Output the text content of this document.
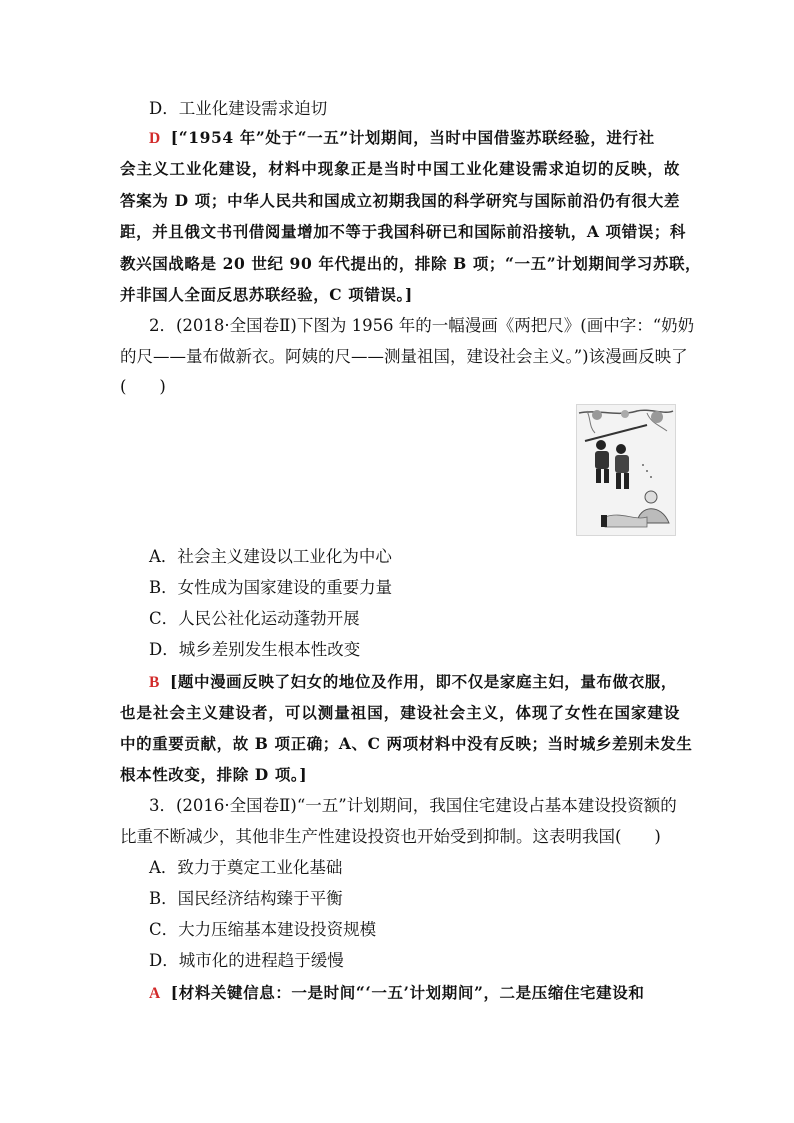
D．工业化建设需求迫切
D [“1954 年”处于“一五”计划期间，当时中国借鉴苏联经验，进行社
会主义工业化建设，材料中现象正是当时中国工业化建设需求迫切的反映，故
答案为 D 项；中华人民共和国成立初期我国的科学研究与国际前沿仍有很大差
距，并且俄文书刊借阅量增加不等于我国科研已和国际前沿接轨，A 项错误；科
教兴国战略是 20 世纪 90 年代提出的，排除 B 项；“一五”计划期间学习苏联，
并非国人全面反思苏联经验，C 项错误。]
2．(2018·全国卷Ⅱ)下图为 1956 年的一幅漫画《两把尺》(画中字：“奶奶
的尺——量布做新衣。阿姨的尺——测量祖国，建设社会主义。”)该漫画反映了
(　　)
A．社会主义建设以工业化为中心
B．女性成为国家建设的重要力量
C．人民公社化运动蓬勃开展
D．城乡差别发生根本性改变
B [题中漫画反映了妇女的地位及作用，即不仅是家庭主妇，量布做衣服，
也是社会主义建设者，可以测量祖国，建设社会主义，体现了女性在国家建设
中的重要贡献，故 B 项正确；A、C 两项材料中没有反映；当时城乡差别未发生
根本性改变，排除 D 项。]
3．(2016·全国卷Ⅱ)“一五”计划期间，我国住宅建设占基本建设投资额的
比重不断减少，其他非生产性建设投资也开始受到抑制。这表明我国(　　)
A．致力于奠定工业化基础
B．国民经济结构臻于平衡
C．大力压缩基本建设投资规模
D．城市化的进程趋于缓慢
A [材料关键信息：一是时间“‘一五’计划期间”，二是压缩住宅建设和
